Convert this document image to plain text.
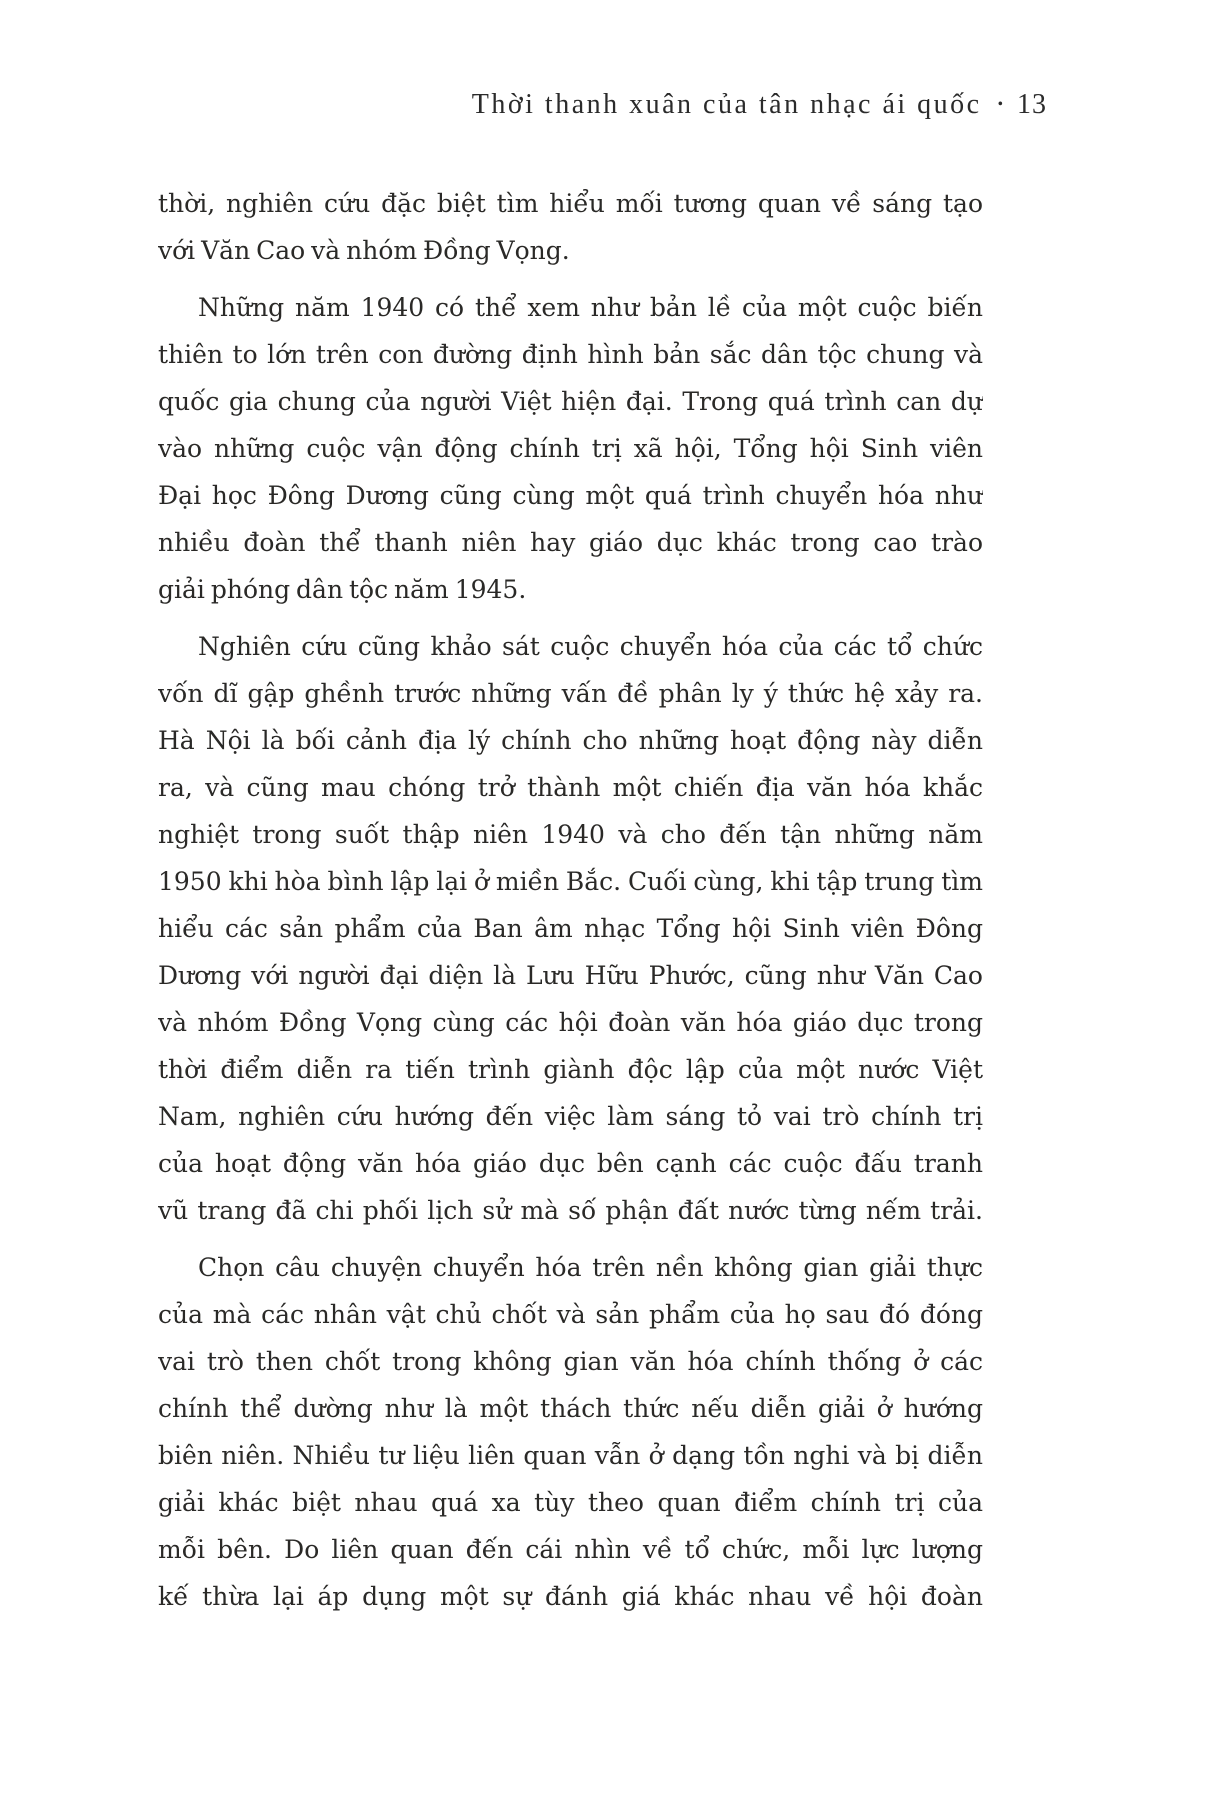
Thời thanh xuân của tân nhạc ái quốc • 13
thời, nghiên cứu đặc biệt tìm hiểu mối tương quan về sáng tạo
với Văn Cao và nhóm Đồng Vọng.
Những năm 1940 có thể xem như bản lề của một cuộc biến
thiên to lớn trên con đường định hình bản sắc dân tộc chung và
quốc gia chung của người Việt hiện đại. Trong quá trình can dự
vào những cuộc vận động chính trị xã hội, Tổng hội Sinh viên
Đại học Đông Dương cũng cùng một quá trình chuyển hóa như
nhiều đoàn thể thanh niên hay giáo dục khác trong cao trào
giải phóng dân tộc năm 1945.
Nghiên cứu cũng khảo sát cuộc chuyển hóa của các tổ chức
vốn dĩ gập ghềnh trước những vấn đề phân ly ý thức hệ xảy ra.
Hà Nội là bối cảnh địa lý chính cho những hoạt động này diễn
ra, và cũng mau chóng trở thành một chiến địa văn hóa khắc
nghiệt trong suốt thập niên 1940 và cho đến tận những năm
1950 khi hòa bình lập lại ở miền Bắc. Cuối cùng, khi tập trung tìm
hiểu các sản phẩm của Ban âm nhạc Tổng hội Sinh viên Đông
Dương với người đại diện là Lưu Hữu Phước, cũng như Văn Cao
và nhóm Đồng Vọng cùng các hội đoàn văn hóa giáo dục trong
thời điểm diễn ra tiến trình giành độc lập của một nước Việt
Nam, nghiên cứu hướng đến việc làm sáng tỏ vai trò chính trị
của hoạt động văn hóa giáo dục bên cạnh các cuộc đấu tranh
vũ trang đã chi phối lịch sử mà số phận đất nước từng nếm trải.
Chọn câu chuyện chuyển hóa trên nền không gian giải thực
của mà các nhân vật chủ chốt và sản phẩm của họ sau đó đóng
vai trò then chốt trong không gian văn hóa chính thống ở các
chính thể dường như là một thách thức nếu diễn giải ở hướng
biên niên. Nhiều tư liệu liên quan vẫn ở dạng tồn nghi và bị diễn
giải khác biệt nhau quá xa tùy theo quan điểm chính trị của
mỗi bên. Do liên quan đến cái nhìn về tổ chức, mỗi lực lượng
kế thừa lại áp dụng một sự đánh giá khác nhau về hội đoàn
